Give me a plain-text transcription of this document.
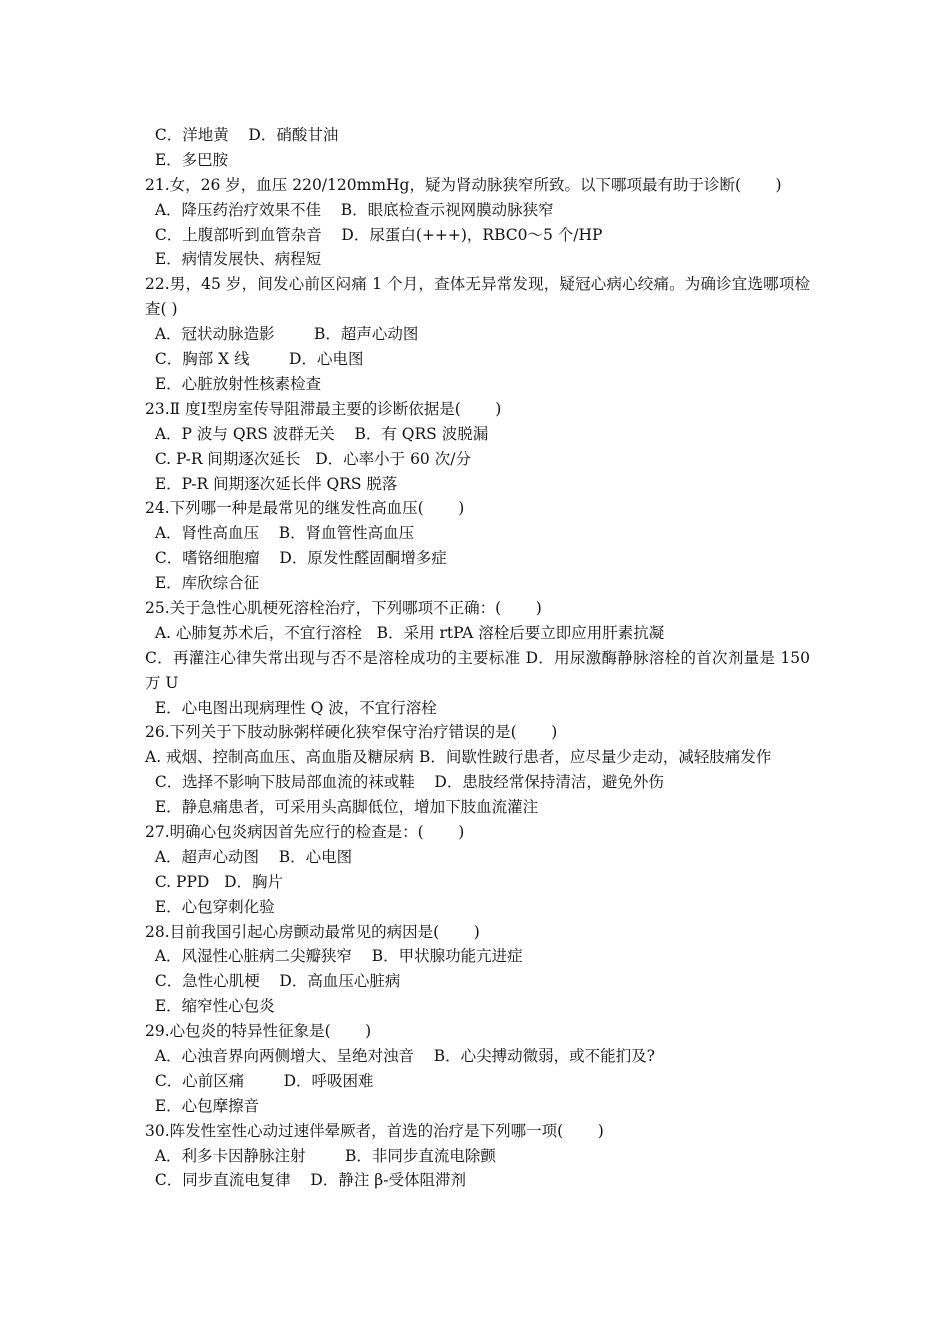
C．洋地黄    D．硝酸甘油
E．多巴胺
21.女，26 岁，血压 220/120mmHg，疑为肾动脉狭窄所致。以下哪项最有助于诊断(       )
A．降压药治疗效果不佳    B．眼底检查示视网膜动脉狭窄
C．上腹部听到血管杂音    D．尿蛋白(+++)，RBC0～5 个/HP
E．病情发展快、病程短
22.男，45 岁，间发心前区闷痛 1 个月，查体无异常发现，疑冠心病心绞痛。为确诊宜选哪项检查( )
A．冠状动脉造影        B．超声心动图
C．胸部 X 线        D．心电图
E．心脏放射性核素检查
23.Ⅱ 度Ⅰ型房室传导阻滞最主要的诊断依据是(       )
A．P 波与 QRS 波群无关    B．有 QRS 波脱漏
C. P-R 间期逐次延长   D．心率小于 60 次/分
E．P-R 间期逐次延长伴 QRS 脱落
24.下列哪一种是最常见的继发性高血压(       )
A．肾性高血压    B．肾血管性高血压
C．嗜铬细胞瘤    D．原发性醛固酮增多症
E．库欣综合征
25.关于急性心肌梗死溶栓治疗，下列哪项不正确：(       )
A. 心肺复苏术后，不宜行溶栓   B．采用 rtPA 溶栓后要立即应用肝素抗凝
C．再灌注心律失常出现与否不是溶栓成功的主要标准 D．用尿激酶静脉溶栓的首次剂量是 150 万 U
E．心电图出现病理性 Q 波，不宜行溶栓
26.下列关于下肢动脉粥样硬化狭窄保守治疗错误的是(       )
A. 戒烟、控制高血压、高血脂及糖尿病 B．间歇性跛行患者，应尽量少走动，减轻肢痛发作
C．选择不影响下肢局部血流的袜或鞋    D．患肢经常保持清洁，避免外伤
E．静息痛患者，可采用头高脚低位，增加下肢血流灌注
27.明确心包炎病因首先应行的检查是：(       )
A．超声心动图    B．心电图
C. PPD   D．胸片
E．心包穿刺化验
28.目前我国引起心房颤动最常见的病因是(       )
A．风湿性心脏病二尖瓣狭窄    B．甲状腺功能亢进症
C．急性心肌梗    D．高血压心脏病
E．缩窄性心包炎
29.心包炎的特异性征象是(       )
A．心浊音界向两侧增大、呈绝对浊音    B．心尖搏动微弱，或不能扪及?
C．心前区痛        D．呼吸困难
E．心包摩擦音
30.阵发性室性心动过速伴晕厥者，首选的治疗是下列哪一项(       )
A．利多卡因静脉注射        B．非同步直流电除颤
C．同步直流电复律    D．静注 β-受体阻滞剂
